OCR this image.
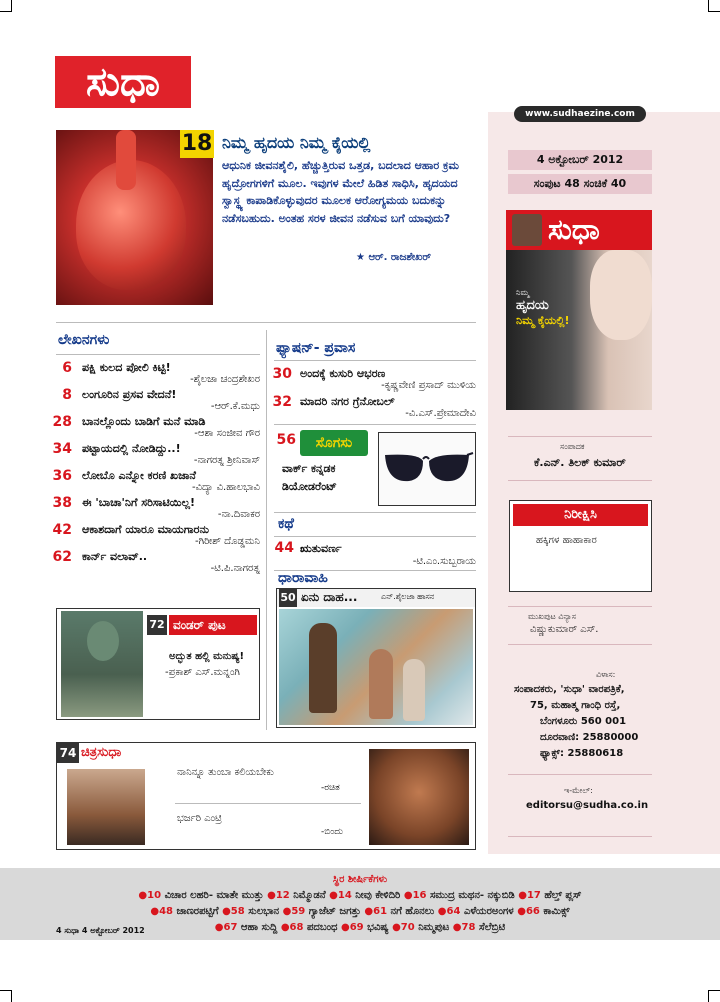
ಸುಧಾ
www.sudhaezine.com
4 ಅಕ್ಟೋಬರ್ 2012
ಸಂಪುಟ 48 ಸಂಚಿಕೆ 40
ಸುಧಾ
ನಿಮ್ಮ
ಹೃದಯ
ನಿಮ್ಮ ಕೈಯಲ್ಲಿ!
ಸಂಪಾದಕ
ಕೆ.ಎನ್. ತಿಲಕ್ ಕುಮಾರ್
ನಿರೀಕ್ಷಿಸಿ
ಹಕ್ಕಿಗಳ ಹಾಹಾಕಾರ
ಮುಖಪುಟ ವಿನ್ಯಾಸ
ವಿಷ್ಣುಕುಮಾರ್ ಎಸ್.
ವಿಳಾಸ:
ಸಂಪಾದಕರು, 'ಸುಧಾ' ವಾರಪತ್ರಿಕೆ,
75, ಮಹಾತ್ಮ ಗಾಂಧಿ ರಸ್ತೆ,
ಬೆಂಗಳೂರು 560 001
ದೂರವಾಣಿ: 25880000
ಫ್ಯಾಕ್ಸ್: 25880618
ಇ-ಮೇಲ್:
editorsu@sudha.co.in
18 ನಿಮ್ಮ ಹೃದಯ ನಿಮ್ಮ ಕೈಯಲ್ಲಿ
ಆಧುನಿಕ ಜೀವನಶೈಲಿ, ಹೆಚ್ಚುತ್ತಿರುವ ಒತ್ತಡ, ಬದಲಾದ ಆಹಾರ ಕ್ರಮ ಹೃದ್ರೋಗಗಳಿಗೆ ಮೂಲ. ಇವುಗಳ ಮೇಲೆ ಹಿಡಿತ ಸಾಧಿಸಿ, ಹೃದಯದ ಸ್ವಾಸ್ಥ್ಯ ಕಾಪಾಡಿಕೊಳ್ಳುವುದರ ಮೂಲಕ ಆರೋಗ್ಯಮಯ ಬದುಕನ್ನು ನಡೆಸಬಹುದು. ಅಂತಹ ಸರಳ ಜೀವನ ನಡೆಸುವ ಬಗೆ ಯಾವುದು?
★ ಆರ್. ರಾಜಶೇಖರ್
ಲೇಖನಗಳು
6 ಪಕ್ಷಿ ಕುಲದ ಪೋಲಿ ಕಿಟ್ಟಿ!
-ಶೈಲಜಾ ಚಂದ್ರಶೇಖರ
8 ಲಂಗೂರಿನ ಪ್ರಸವ ವೇದನೆ!
-ಆರ್.ಕೆ.ಮಧು
28 ಬಾನಲ್ಲೊಂದು ಬಾಡಿಗೆ ಮನೆ ಮಾಡಿ
-ಆಶಾ ಸಂಜೀವ ಗೌರ
34 ಪಟ್ಟಾಯದಲ್ಲಿ ನೋಡಿದ್ದು..!
-ನಾಗರತ್ನ ಶ್ರೀನಿವಾಸ್
36 ಲೋಬೊ ಎನ್ನೋ ಕರಣಿ ಖಜಾನೆ
-ವಿದ್ಯಾ ವಿ.ಹಾಲಭಾವಿ
38 ಈ 'ಬಾಚಾ'ನಿಗೆ ಸರಿಸಾಟಿಯಿಲ್ಲ!
-ನಾ.ದಿವಾಕರ
42 ಆಕಾಶದಾಗೆ ಯಾರೂ ಮಾಯಗಾರನು
-ಗಿರೀಶ್ ದೊಡ್ಡಮನಿ
62 ಕಾರ್ನ್ ವಲಾವ್..
-ಟಿ.ಪಿ.ನಾಗರತ್ನ
ಫ್ಯಾಷನ್- ಪ್ರವಾಸ
30 ಅಂದಕ್ಕೆ ಕುಸುರಿ ಆಭರಣ
-ಕೃಷ್ಣವೇಣಿ ಪ್ರಸಾದ್ ಮುಳಿಯ
32 ಮಾದರಿ ನಗರ ಗ್ರೆನೋಬಲ್
-ವಿ.ಎಸ್.ಪ್ರೇಮಾದೇವಿ
56	ಸೊಗಸು
ವಾರ್ಕ್ ಕನ್ನಡಕ
ಡಿಯೋಡರೆಂಟ್
ಕಥೆ
44 ಋತುವರ್ಣ
-ಟಿ.ಎಂ.ಸುಬ್ಬರಾಯ
ಧಾರಾವಾಹಿ
50 ಏನು ದಾಹ...	ಎನ್.ಶೈಲಜಾ ಹಾಸನ
72 ವಂಡರ್ ಪುಟ
ಅದ್ಭುತ ಹಲ್ಲಿ ಮನುಷ್ಯ!
-ಪ್ರಕಾಶ್ ಎಸ್.ಮನ್ನಂಗಿ
74 ಚಿತ್ರಸುಧಾ
ನಾನಿನ್ನೂ ತುಂಬಾ ಕಲಿಯಬೇಕು
-ರಚಿತ
ಭರ್ಜರಿ ಎಂಟ್ರಿ
-ಬಿಂದು
ಸ್ಥಿರ ಶೀರ್ಷಿಕೆಗಳು
●10 ವಿಚಾರ ಲಹರಿ- ಮಾತೇ ಮುತ್ತು ●12 ನಿಮ್ಮೊಡನೆ ●14 ನೀವು ಕೇಳಿದಿರಿ ●16 ಸಮುದ್ರ ಮಥನ- ನಕ್ಕುಬಿಡಿ ●17 ಹೆಲ್ತ್ ಪ್ಲಸ್
●48 ಜಾಣರಪಟ್ಟಿಗೆ ●58 ಸುಲಭಾನ ●59 ಗ್ಯಾಜೆಟ್ ಜಗತ್ತು ●61 ನಗೆ ಹೊನಲು ●64 ಎಳೆಯರಅಂಗಳ ●66 ಕಾಮಿಕ್ಸ್
●67 ಆಹಾ ಸುದ್ದಿ ●68 ಪದಬಂಧ ●69 ಭವಿಷ್ಯ ●70 ನಿಮ್ಮಪುಟ ●78 ಸೆಲೆಬ್ರಿಟಿ
4 ಸುಧಾ 4 ಅಕ್ಟೋಬರ್ 2012
